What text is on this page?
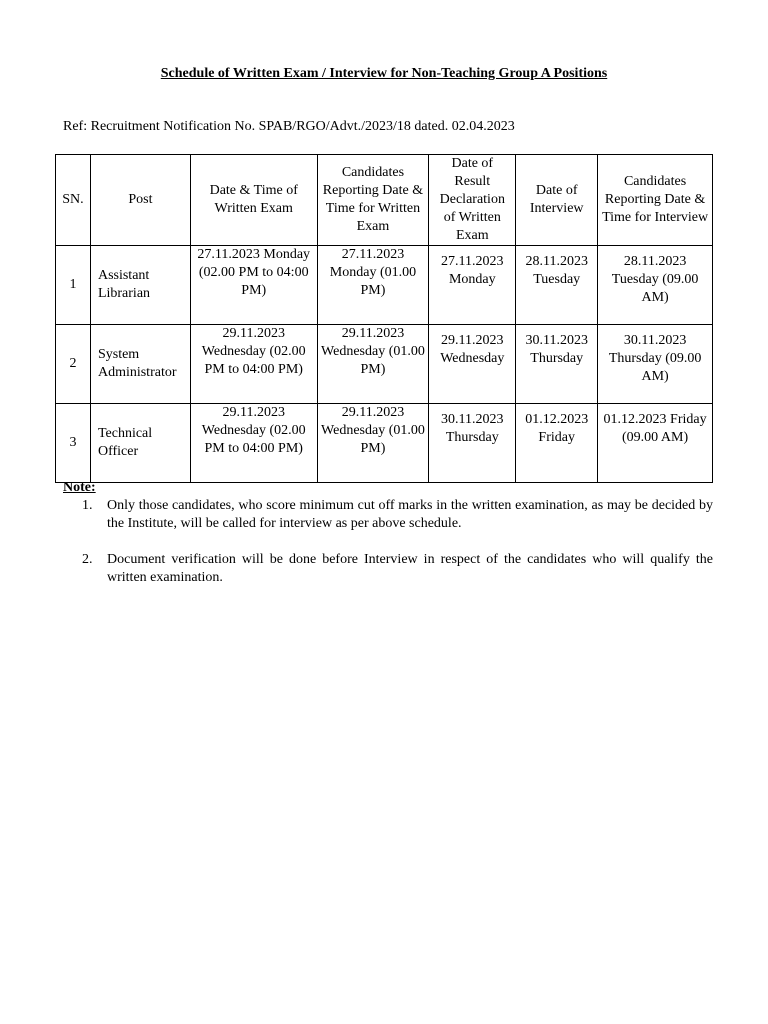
Schedule of Written Exam / Interview for Non-Teaching Group A Positions
Ref: Recruitment Notification No. SPAB/RGO/Advt./2023/18 dated. 02.04.2023
SN.	Post	Date & Time of Written Exam	Candidates Reporting Date & Time for Written Exam	Date of Result Declaration of Written Exam	Date of Interview	Candidates Reporting Date & Time for Interview
1	Assistant Librarian	27.11.2023 Monday (02.00 PM to 04:00 PM)	27.11.2023 Monday (01.00 PM)	27.11.2023 Monday	28.11.2023 Tuesday	28.11.2023 Tuesday (09.00 AM)
2	System Administrator	29.11.2023 Wednesday (02.00 PM to 04:00 PM)	29.11.2023 Wednesday (01.00 PM)	29.11.2023 Wednesday	30.11.2023 Thursday	30.11.2023 Thursday (09.00 AM)
3	Technical Officer	29.11.2023 Wednesday (02.00 PM to 04:00 PM)	29.11.2023 Wednesday (01.00 PM)	30.11.2023 Thursday	01.12.2023 Friday	01.12.2023 Friday (09.00 AM)
Note:
1.	Only those candidates, who score minimum cut off marks in the written examination, as may be decided by the Institute, will be called for interview as per above schedule.
2.	Document verification will be done before Interview in respect of the candidates who will qualify the written examination.
